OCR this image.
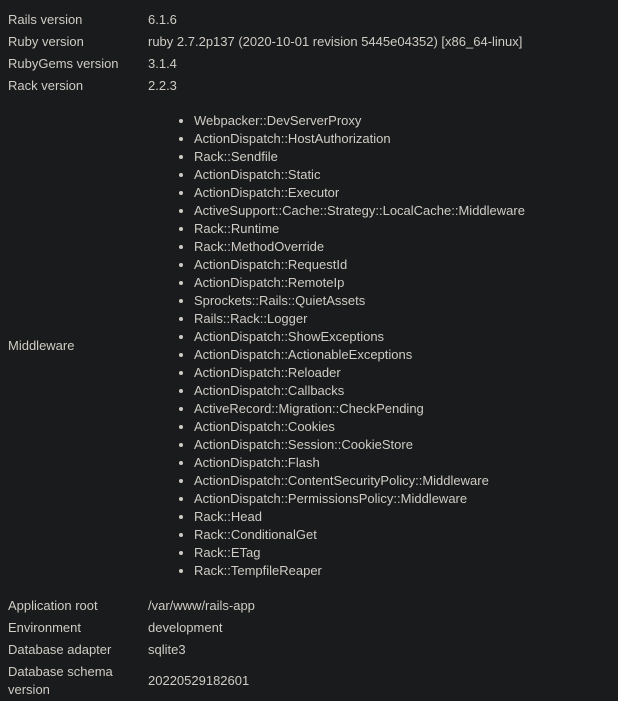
Rails version	6.1.6
Ruby version	ruby 2.7.2p137 (2020-10-01 revision 5445e04352) [x86_64-linux]
RubyGems version	3.1.4
Rack version	2.2.3
Middleware	
• Webpacker::DevServerProxy
• ActionDispatch::HostAuthorization
• Rack::Sendfile
• ActionDispatch::Static
• ActionDispatch::Executor
• ActiveSupport::Cache::Strategy::LocalCache::Middleware
• Rack::Runtime
• Rack::MethodOverride
• ActionDispatch::RequestId
• ActionDispatch::RemoteIp
• Sprockets::Rails::QuietAssets
• Rails::Rack::Logger
• ActionDispatch::ShowExceptions
• ActionDispatch::ActionableExceptions
• ActionDispatch::Reloader
• ActionDispatch::Callbacks
• ActiveRecord::Migration::CheckPending
• ActionDispatch::Cookies
• ActionDispatch::Session::CookieStore
• ActionDispatch::Flash
• ActionDispatch::ContentSecurityPolicy::Middleware
• ActionDispatch::PermissionsPolicy::Middleware
• Rack::Head
• Rack::ConditionalGet
• Rack::ETag
• Rack::TempfileReaper

Application root	/var/www/rails-app
Environment	development
Database adapter	sqlite3
Database schema version	20220529182601
